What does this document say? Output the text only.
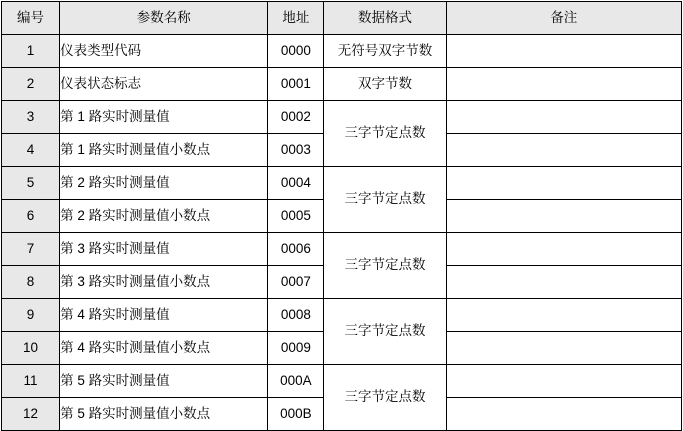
编号	参数名称	地址	数据格式	备注
1	仪表类型代码	0000	无符号双字节数	
2	仪表状态标志	0001	双字节数	
3	第 1 路实时测量值	0002	三字节定点数	
4	第 1 路实时测量值小数点	0003		
5	第 2 路实时测量值	0004	三字节定点数	
6	第 2 路实时测量值小数点	0005		
7	第 3 路实时测量值	0006	三字节定点数	
8	第 3 路实时测量值小数点	0007		
9	第 4 路实时测量值	0008	三字节定点数	
10	第 4 路实时测量值小数点	0009		
11	第 5 路实时测量值	000A	三字节定点数	
12	第 5 路实时测量值小数点	000B		
